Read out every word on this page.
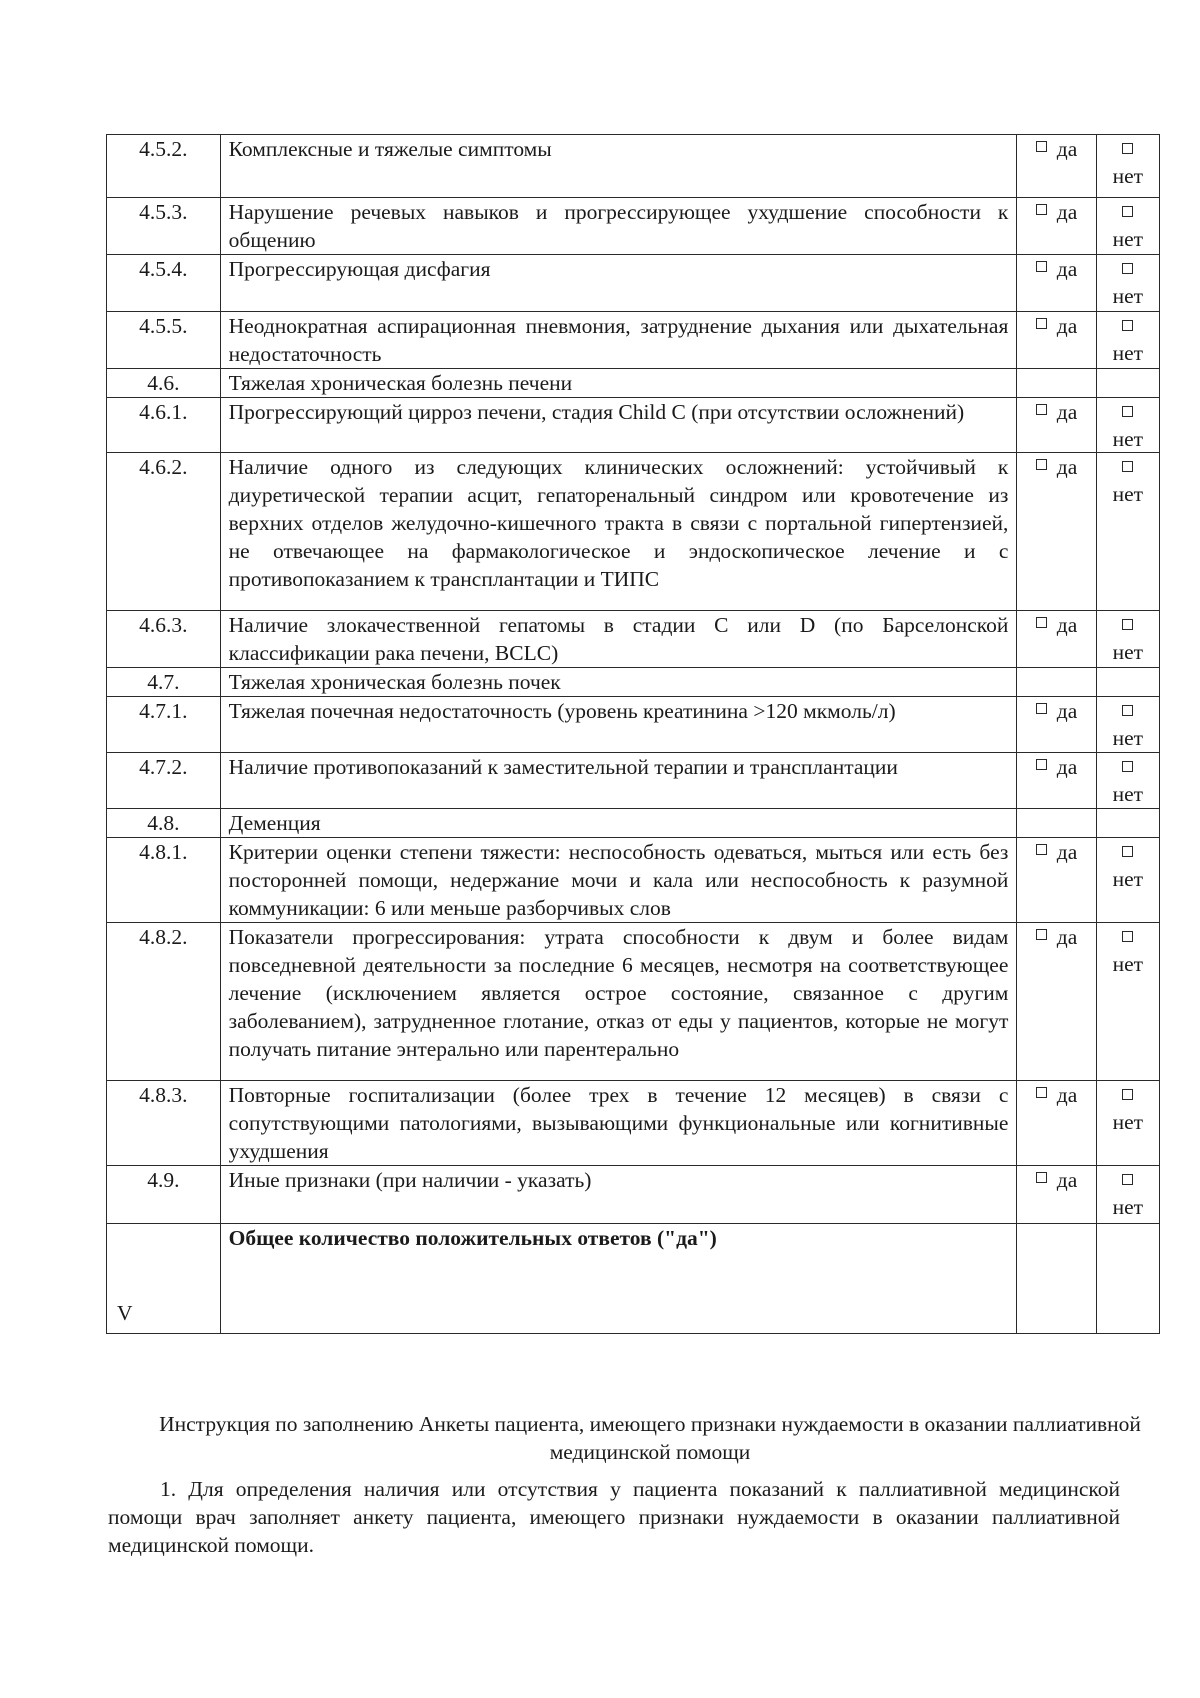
4.5.2.	Комплексные и тяжелые симптомы	да	нет

4.5.3.	Нарушение речевых навыков и прогрессирующее ухудшение способности к общению	да	нет

4.5.4.	Прогрессирующая дисфагия	да	нет

4.5.5.	Неоднократная аспирационная пневмония, затруднение дыхания или дыхательная недостаточность	да	нет

4.6.	Тяжелая хроническая болезнь печени		
4.6.1.	Прогрессирующий цирроз печени, стадия Child С (при отсутствии осложнений)	да	нет

4.6.2.	Наличие одного из следующих клинических осложнений: устойчивый к диуретической терапии асцит, гепаторенальный синдром или кровотечение из верхних отделов желудочно-кишечного тракта в связи с портальной гипертензией, не отвечающее на фармакологическое и эндоскопическое лечение и с противопоказанием к трансплантации и ТИПС	да	нет

4.6.3.	Наличие злокачественной гепатомы в стадии С или D (по Барселонской классификации рака печени, BCLC)	да	нет

4.7.	Тяжелая хроническая болезнь почек		
4.7.1.	Тяжелая почечная недостаточность (уровень креатинина >120 мкмоль/л)	да	нет

4.7.2.	Наличие противопоказаний к заместительной терапии и трансплантации	да	нет

4.8.	Деменция		
4.8.1.	Критерии оценки степени тяжести: неспособность одеваться, мыться или есть без посторонней помощи, недержание мочи и кала или неспособность к разумной коммуникации: 6 или меньше разборчивых слов	да	нет

4.8.2.	Показатели прогрессирования: утрата способности к двум и более видам повседневной деятельности за последние 6 месяцев, несмотря на соответствующее лечение (исключением является острое состояние, связанное с другим заболеванием), затрудненное глотание, отказ от еды у пациентов, которые не могут получать питание энтерально или парентерально	да	нет

4.8.3.	Повторные госпитализации (более трех в течение 12 месяцев) в связи с сопутствующими патологиями, вызывающими функциональные или когнитивные ухудшения	да	нет

4.9.	Иные признаки (при наличии - указать)	да	нет

V	Общее количество положительных ответов ("да")		
Инструкция по заполнению Анкеты пациента, имеющего признаки нуждаемости в оказании паллиативной медицинской помощи
1. Для определения наличия или отсутствия у пациента показаний к паллиативной медицинской помощи врач заполняет анкету пациента, имеющего признаки нуждаемости в оказании паллиативной медицинской помощи.
